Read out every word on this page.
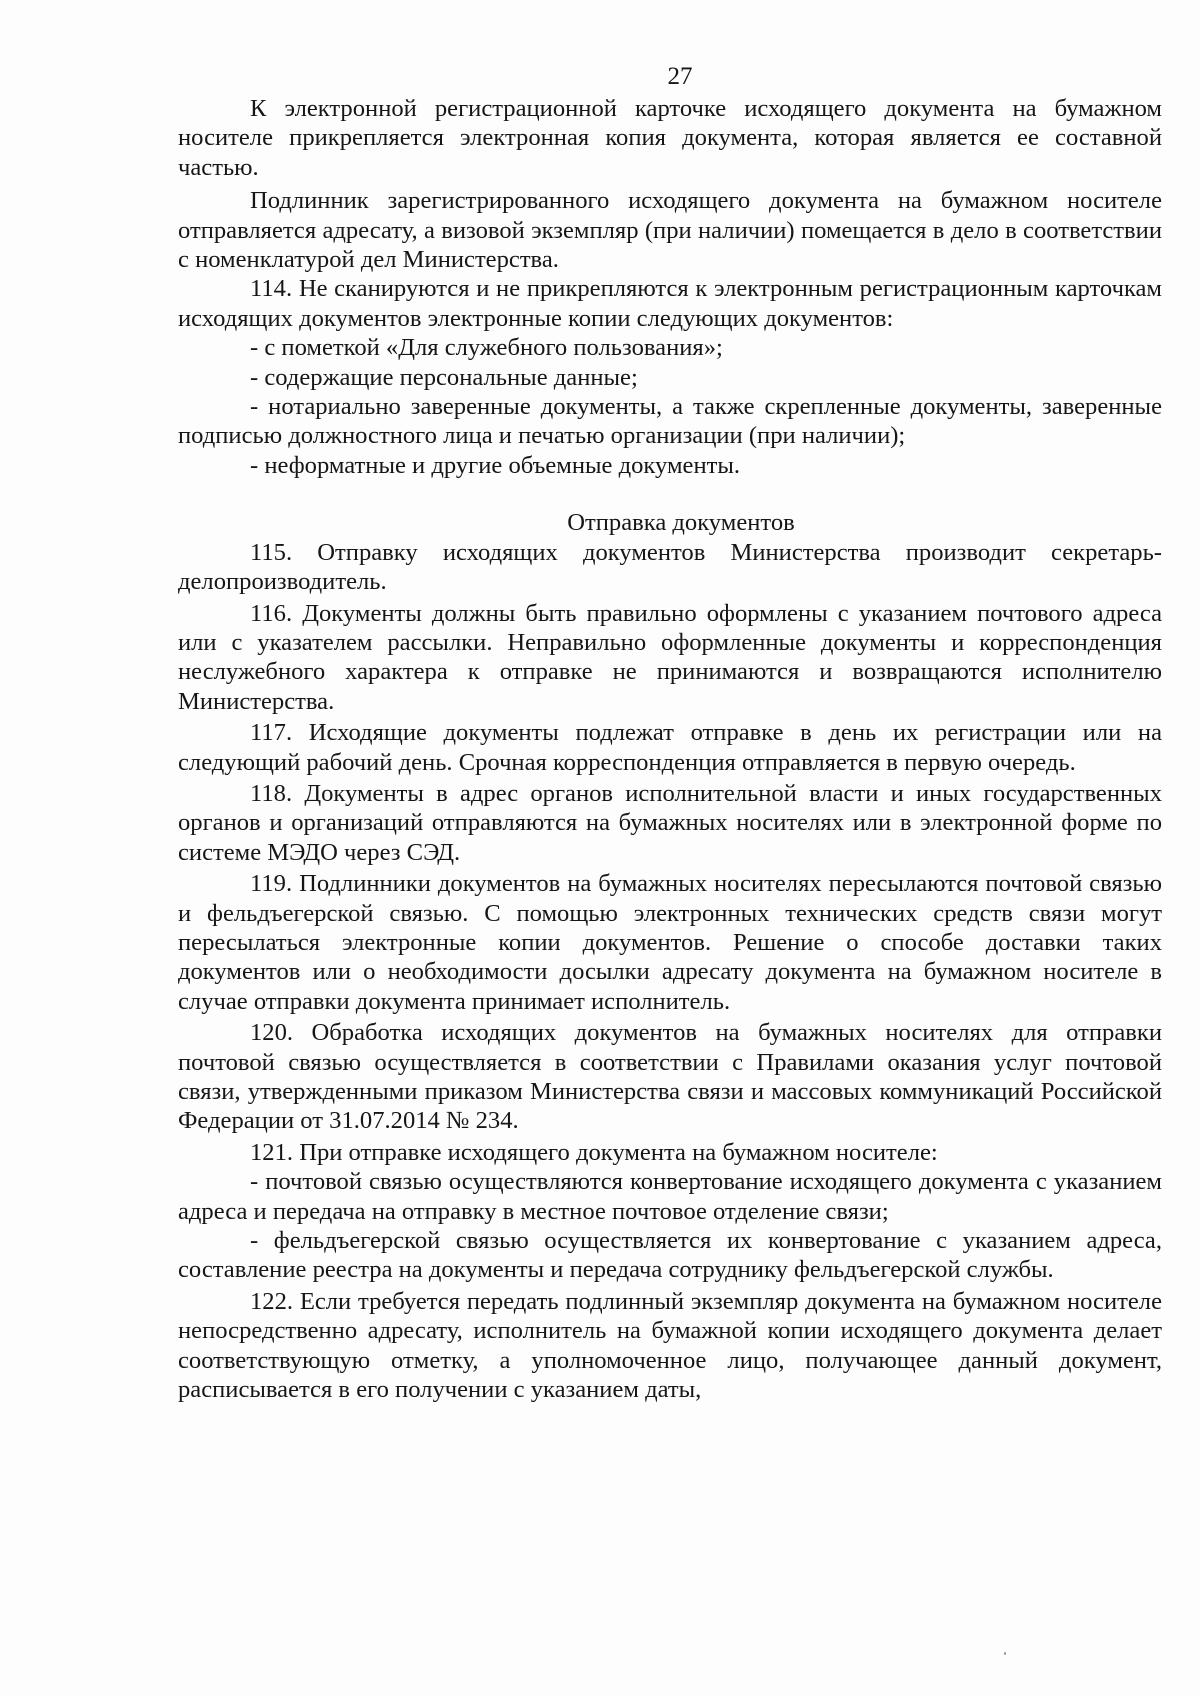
27

К электронной регистрационной карточке исходящего документа на бумажном носителе прикрепляется электронная копия документа, которая является ее составной частью.

Подлинник зарегистрированного исходящего документа на бумажном носителе отправляется адресату, а визовой экземпляр (при наличии) помещается в дело в соответствии с номенклатурой дел Министерства.

114. Не сканируются и не прикрепляются к электронным регистрационным карточкам исходящих документов электронные копии следующих документов:

- с пометкой «Для служебного пользования»;

- содержащие персональные данные;

- нотариально заверенные документы, а также скрепленные документы, заверенные подписью должностного лица и печатью организации (при наличии);

- неформатные и другие объемные документы.

Отправка документов

115. Отправку исходящих документов Министерства производит секретарь-делопроизводитель.

116. Документы должны быть правильно оформлены с указанием почтового адреса или с указателем рассылки. Неправильно оформленные документы и корреспонденция неслужебного характера к отправке не принимаются и возвращаются исполнителю Министерства.

117. Исходящие документы подлежат отправке в день их регистрации или на следующий рабочий день. Срочная корреспонденция отправляется в первую очередь.

118. Документы в адрес органов исполнительной власти и иных государственных органов и организаций отправляются на бумажных носителях или в электронной форме по системе МЭДО через СЭД.

119. Подлинники документов на бумажных носителях пересылаются почтовой связью и фельдъегерской связью. С помощью электронных технических средств связи могут пересылаться электронные копии документов. Решение о способе доставки таких документов или о необходимости досылки адресату документа на бумажном носителе в случае отправки документа принимает исполнитель.

120. Обработка исходящих документов на бумажных носителях для отправки почтовой связью осуществляется в соответствии с Правилами оказания услуг почтовой связи, утвержденными приказом Министерства связи и массовых коммуникаций Российской Федерации от 31.07.2014 № 234.

121. При отправке исходящего документа на бумажном носителе:

- почтовой связью осуществляются конвертование исходящего документа с указанием адреса и передача на отправку в местное почтовое отделение связи;

- фельдъегерской связью осуществляется их конвертование с указанием адреса, составление реестра на документы и передача сотруднику фельдъегерской службы.

122. Если требуется передать подлинный экземпляр документа на бумажном носителе непосредственно адресату, исполнитель на бумажной копии исходящего документа делает соответствующую отметку, а уполномоченное лицо, получающее данный документ, расписывается в его получении с указанием даты,
